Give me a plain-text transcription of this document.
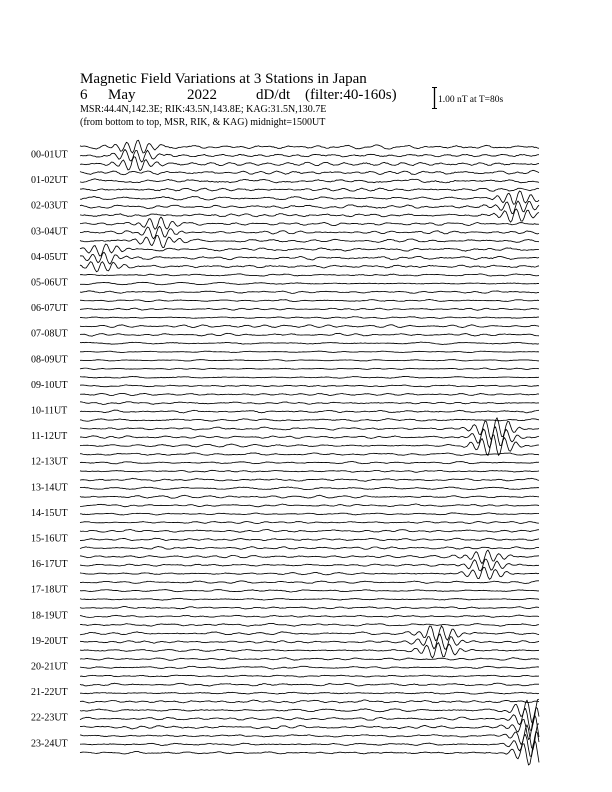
Magnetic Field Variations at 3 Stations in Japan
6 May	2022	dD/dt (filter:40-160s)
MSR:44.4N,142.3E; RIK:43.5N,143.8E; KAG:31.5N,130.7E
(from bottom to top, MSR, RIK, & KAG) midnight=1500UT
1.00 nT at T=80s
00-01UT
01-02UT
02-03UT
03-04UT
04-05UT
05-06UT
06-07UT
07-08UT
08-09UT
09-10UT
10-11UT
11-12UT
12-13UT
13-14UT
14-15UT
15-16UT
16-17UT
17-18UT
18-19UT
19-20UT
20-21UT
21-22UT
22-23UT
23-24UT
